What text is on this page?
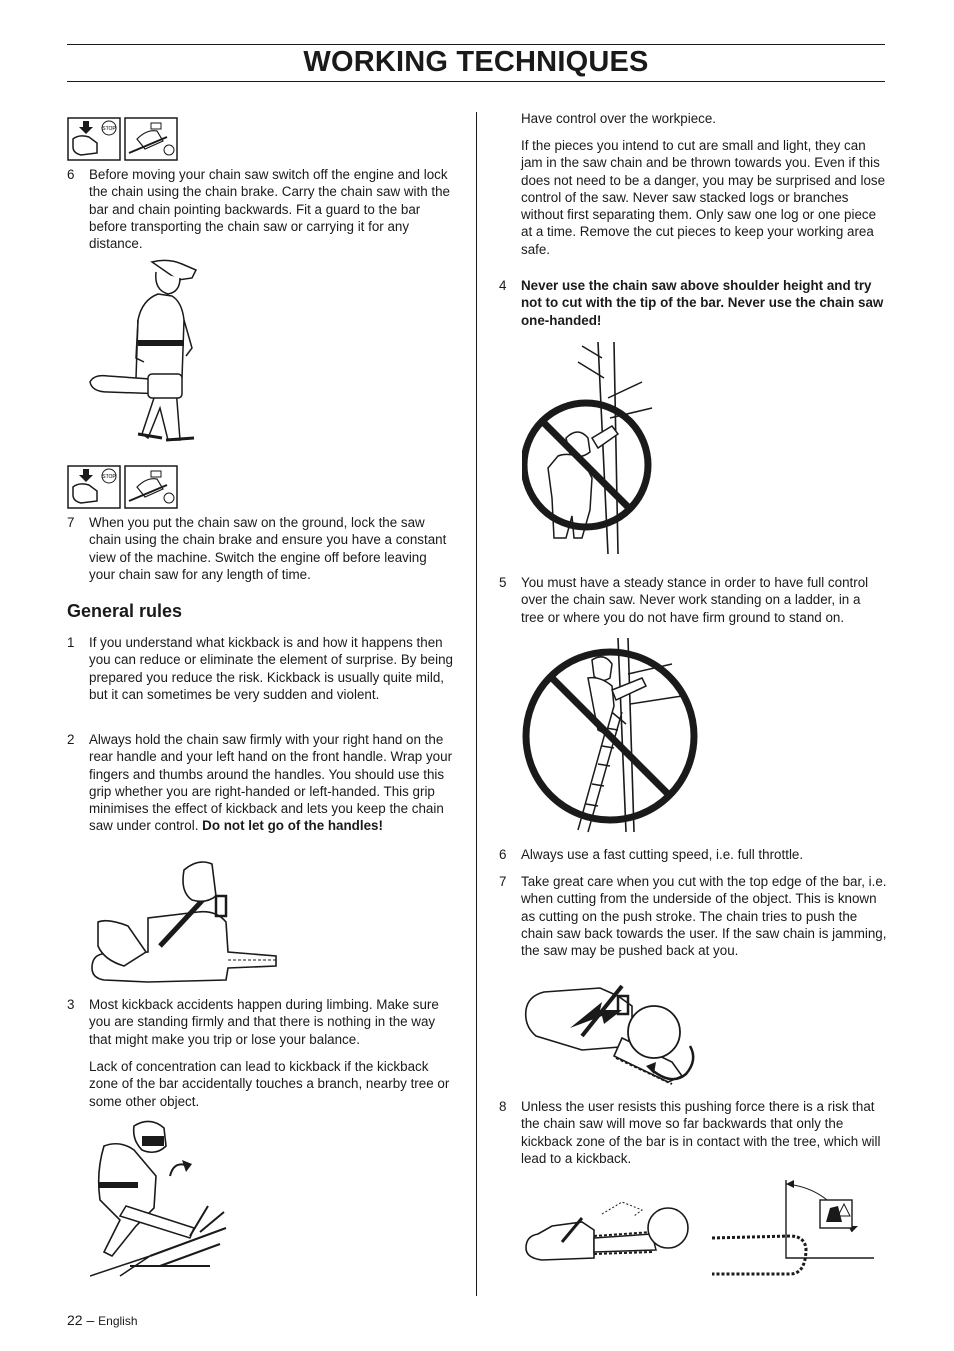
WORKING TECHNIQUES
STOP
6	Before moving your chain saw switch off the engine and lock the chain using the chain brake. Carry the chain saw with the bar and chain pointing backwards. Fit a guard to the bar before transporting the chain saw or carrying it for any distance.
STOP
7	When you put the chain saw on the ground, lock the saw chain using the chain brake and ensure you have a constant view of the machine. Switch the engine off before leaving your chain saw for any length of time.
General rules
1	If you understand what kickback is and how it happens then you can reduce or eliminate the element of surprise. By being prepared you reduce the risk. Kickback is usually quite mild, but it can sometimes be very sudden and violent.
2	Always hold the chain saw firmly with your right hand on the rear handle and your left hand on the front handle. Wrap your fingers and thumbs around the handles. You should use this grip whether you are right-handed or left-handed. This grip minimises the effect of kickback and lets you keep the chain saw under control. Do not let go of the handles!
3	Most kickback accidents happen during limbing. Make sure you are standing firmly and that there is nothing in the way that might make you trip or lose your balance.
Lack of concentration can lead to kickback if the kickback zone of the bar accidentally touches a branch, nearby tree or some other object.
Have control over the workpiece.
If the pieces you intend to cut are small and light, they can jam in the saw chain and be thrown towards you. Even if this does not need to be a danger, you may be surprised and lose control of the saw. Never saw stacked logs or branches without first separating them. Only saw one log or one piece at a time. Remove the cut pieces to keep your working area safe.
4	Never use the chain saw above shoulder height and try not to cut with the tip of the bar. Never use the chain saw one-handed!
5	You must have a steady stance in order to have full control over the chain saw. Never work standing on a ladder, in a tree or where you do not have firm ground to stand on.
6	Always use a fast cutting speed, i.e. full throttle.
7	Take great care when you cut with the top edge of the bar, i.e. when cutting from the underside of the object. This is known as cutting on the push stroke. The chain tries to push the chain saw back towards the user. If the saw chain is jamming, the saw may be pushed back at you.
8	Unless the user resists this pushing force there is a risk that the chain saw will move so far backwards that only the kickback zone of the bar is in contact with the tree, which will lead to a kickback.
22 – English
